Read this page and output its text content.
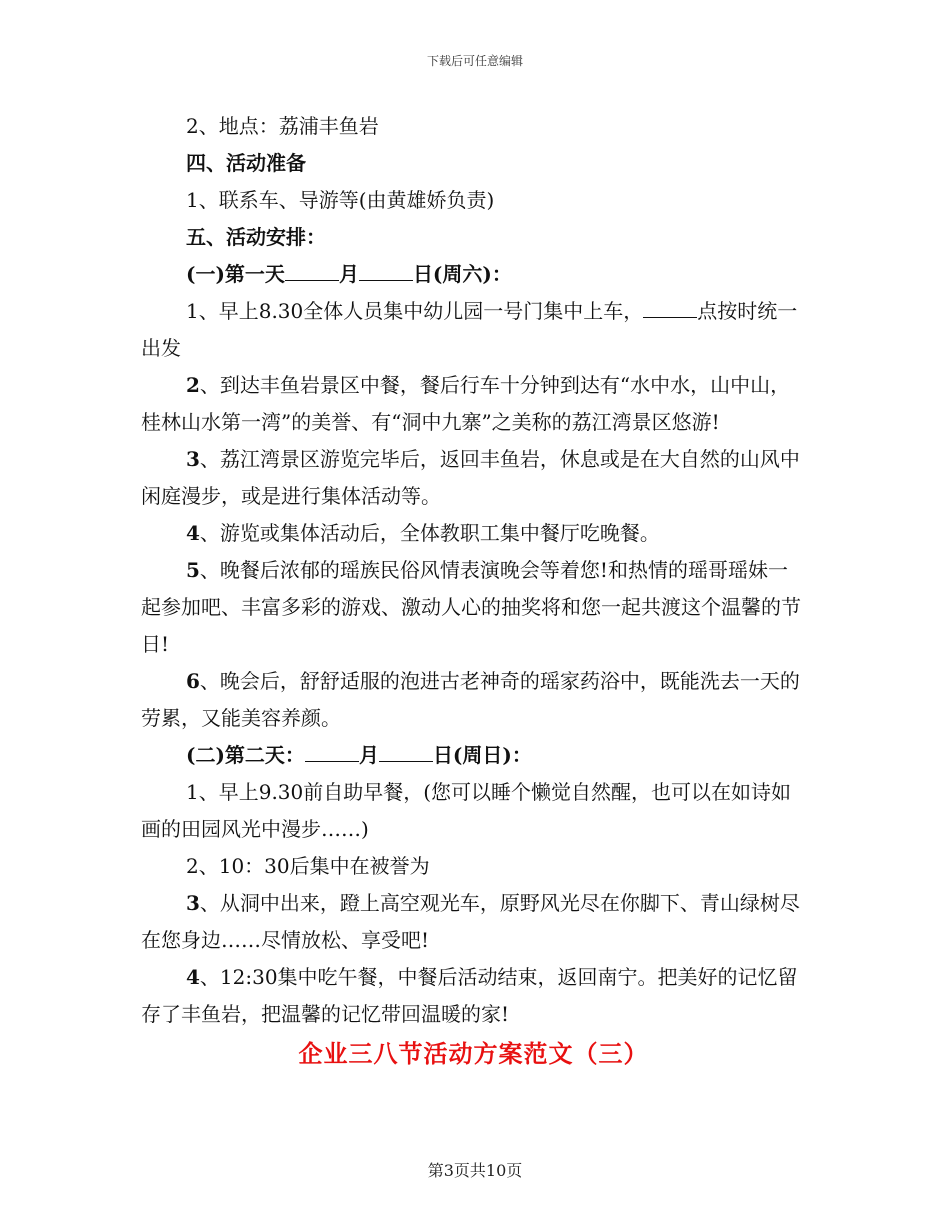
下载后可任意编辑

2、地点：荔浦丰鱼岩

四、活动准备

1、联系车、导游等(由黄雄娇负责)

五、活动安排：

(一)第一天	月	日(周六)：

1、早上8.30全体人员集中幼儿园一号门集中上车，	点按时统一出发

2、到达丰鱼岩景区中餐，餐后行车十分钟到达有“水中水，山中山，桂林山水第一湾”的美誉、有“洞中九寨”之美称的荔江湾景区悠游!

3、荔江湾景区游览完毕后，返回丰鱼岩，休息或是在大自然的山风中闲庭漫步，或是进行集体活动等。

4、游览或集体活动后，全体教职工集中餐厅吃晚餐。

5、晚餐后浓郁的瑶族民俗风情表演晚会等着您!和热情的瑶哥瑶妹一起参加吧、丰富多彩的游戏、激动人心的抽奖将和您一起共渡这个温馨的节日!

6、晚会后，舒舒适服的泡进古老神奇的瑶家药浴中，既能洗去一天的劳累，又能美容养颜。

(二)第二天：	月	日(周日)：

1、早上9.30前自助早餐，(您可以睡个懒觉自然醒，也可以在如诗如画的田园风光中漫步……)

2、10：30后集中在被誉为

3、从洞中出来，蹬上高空观光车，原野风光尽在你脚下、青山绿树尽在您身边……尽情放松、享受吧!

4、12:30集中吃午餐，中餐后活动结束，返回南宁。把美好的记忆留存了丰鱼岩，把温馨的记忆带回温暖的家!

企业三八节活动方案范文（三）
第3页共10页
